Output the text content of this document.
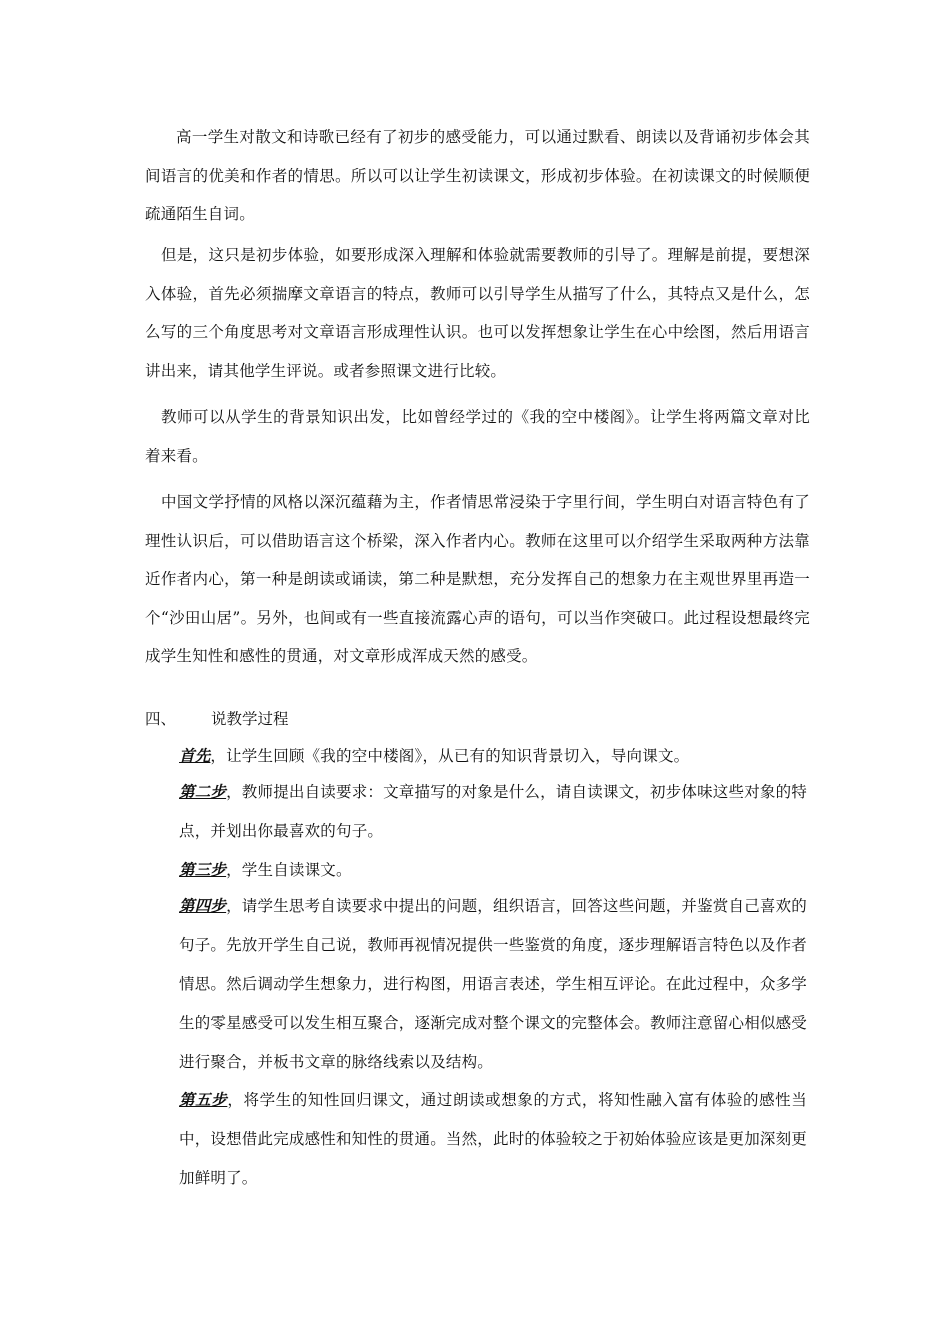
高一学生对散文和诗歌已经有了初步的感受能力，可以通过默看、朗读以及背诵初步体会其间语言的优美和作者的情思。所以可以让学生初读课文，形成初步体验。在初读课文的时候顺便疏通陌生自词。

但是，这只是初步体验，如要形成深入理解和体验就需要教师的引导了。理解是前提，要想深入体验，首先必须揣摩文章语言的特点，教师可以引导学生从描写了什么，其特点又是什么，怎么写的三个角度思考对文章语言形成理性认识。也可以发挥想象让学生在心中绘图，然后用语言讲出来，请其他学生评说。或者参照课文进行比较。

教师可以从学生的背景知识出发，比如曾经学过的《我的空中楼阁》。让学生将两篇文章对比着来看。

中国文学抒情的风格以深沉蕴藉为主，作者情思常浸染于字里行间，学生明白对语言特色有了理性认识后，可以借助语言这个桥梁，深入作者内心。教师在这里可以介绍学生采取两种方法靠近作者内心，第一种是朗读或诵读，第二种是默想，充分发挥自己的想象力在主观世界里再造一个“沙田山居”。另外，也间或有一些直接流露心声的语句，可以当作突破口。此过程设想最终完成学生知性和感性的贯通，对文章形成浑成天然的感受。

四、 说教学过程

首先，让学生回顾《我的空中楼阁》，从已有的知识背景切入，导向课文。

第二步，教师提出自读要求：文章描写的对象是什么，请自读课文，初步体味这些对象的特点，并划出你最喜欢的句子。

第三步，学生自读课文。

第四步，请学生思考自读要求中提出的问题，组织语言，回答这些问题，并鉴赏自己喜欢的句子。先放开学生自己说，教师再视情况提供一些鉴赏的角度，逐步理解语言特色以及作者情思。然后调动学生想象力，进行构图，用语言表述，学生相互评论。在此过程中，众多学生的零星感受可以发生相互聚合，逐渐完成对整个课文的完整体会。教师注意留心相似感受进行聚合，并板书文章的脉络线索以及结构。

第五步，将学生的知性回归课文，通过朗读或想象的方式，将知性融入富有体验的感性当中，设想借此完成感性和知性的贯通。当然，此时的体验较之于初始体验应该是更加深刻更加鲜明了。
